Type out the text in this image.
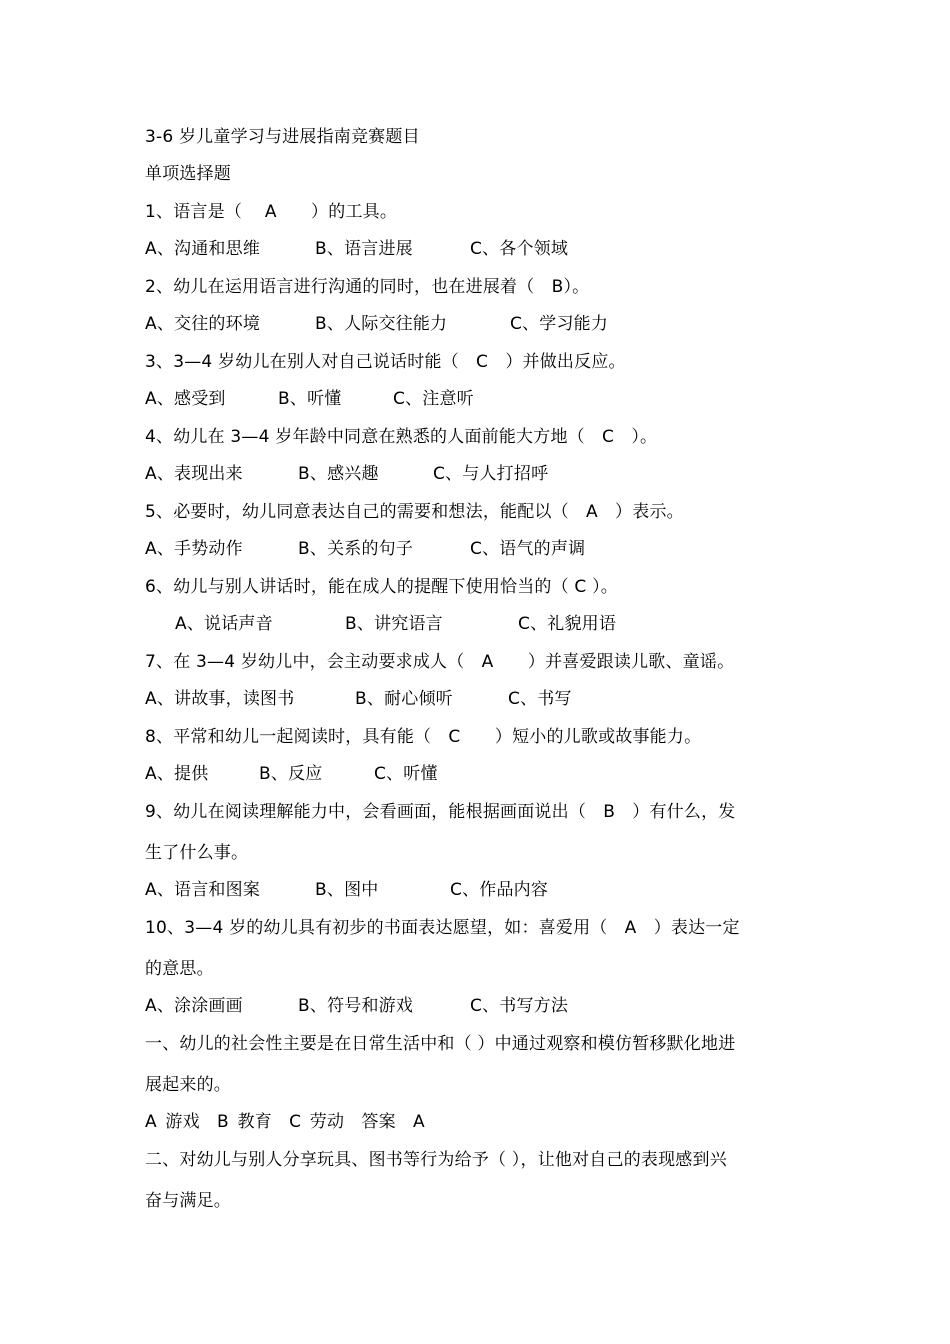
3-6 岁儿童学习与进展指南竞赛题目
单项选择题
1、语言是（　 A　　）的工具。
A、沟通和思维	B、语言进展	C、各个领域
2、幼儿在运用语言进行沟通的同时，也在进展着（　B）。
A、交往的环境	B、人际交往能力	C、学习能力
3、3—4 岁幼儿在别人对自己说话时能（　C　）并做出反应。
A、感受到	B、听懂	C、注意听
4、幼儿在 3—4 岁年龄中同意在熟悉的人面前能大方地（　C　）。
A、表现出来	B、感兴趣	C、与人打招呼
5、必要时，幼儿同意表达自己的需要和想法，能配以（　A　）表示。
A、手势动作	B、关系的句子	C、语气的声调
6、幼儿与别人讲话时，能在成人的提醒下使用恰当的（ C ）。
A、说话声音	B、讲究语言	C、礼貌用语
7、在 3—4 岁幼儿中，会主动要求成人（　A　　）并喜爱跟读儿歌、童谣。
A、讲故事，读图书	B、耐心倾听	C、书写
8、平常和幼儿一起阅读时，具有能（　C　　）短小的儿歌或故事能力。
A、提供	B、反应	C、听懂
9、幼儿在阅读理解能力中，会看画面，能根据画面说出（　B　）有什么，发
生了什么事。
A、语言和图案	B、图中	C、作品内容
10、3—4 岁的幼儿具有初步的书面表达愿望，如：喜爱用（　A　）表达一定
的意思。
A、涂涂画画	B、符号和游戏	C、书写方法
一、幼儿的社会性主要是在日常生活中和（ ）中通过观察和模仿暂移默化地进
展起来的。
A 游戏　B 教育　C 劳动　答案　A
二、对幼儿与别人分享玩具、图书等行为给予（ ），让他对自己的表现感到兴
奋与满足。
